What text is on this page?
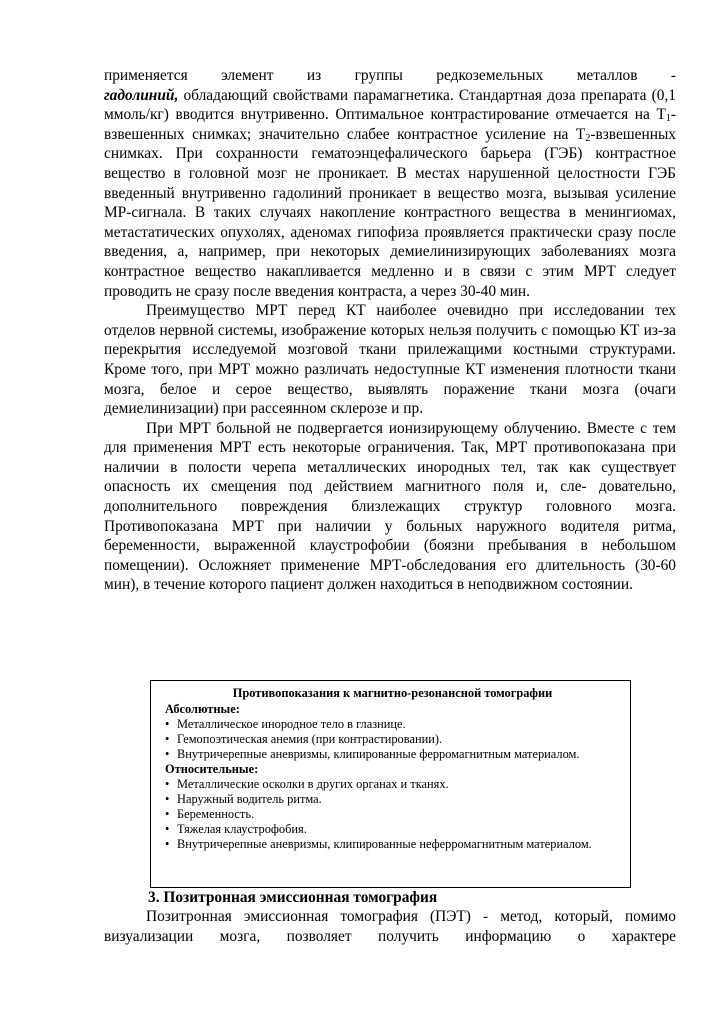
применяется элемент из группы редкоземельных металлов -

гадолиний, обладающий свойствами парамагнетика. Стандартная доза препарата (0,1 ммоль/кг) вводится внутривенно. Оптимальное контрастирование отмечается на $T_1$-взвешенных снимках; значительно слабее контрастное усиление на $T_2$-взвешенных снимках. При сохранности гематоэнцефалического барьера (ГЭБ) контрастное вещество в головной мозг не проникает. В местах нарушенной целостности ГЭБ введенный внутривенно гадолиний проникает в вещество мозга, вызывая усиление МР-сигнала. В таких случаях накопление контрастного вещества в менингиомах, метастатических опухолях, аденомах гипофиза проявляется практически сразу после введения, а, например, при некоторых демиелинизирующих заболеваниях мозга контрастное вещество накапливается медленно и в связи с этим МРТ следует проводить не сразу после введения контраста, а через 30-40 мин.

Преимущество МРТ перед КТ наиболее очевидно при исследовании тех отделов нервной системы, изображение которых нельзя получить с помощью КТ из-за перекрытия исследуемой мозговой ткани прилежащими костными структурами. Кроме того, при МРТ можно различать недоступные КТ изменения плотности ткани мозга, белое и серое вещество, выявлять поражение ткани мозга (очаги демиелинизации) при рассеянном склерозе и пр.

При МРТ больной не подвергается ионизирующему облучению. Вместе с тем для применения МРТ есть некоторые ограничения. Так, МРТ противопоказана при наличии в полости черепа металлических инородных тел, так как существует опасность их смещения под действием магнитного поля и, сле- довательно, дополнительного повреждения близлежащих структур головного мозга. Противопоказана МРТ при наличии у больных наружного водителя ритма, беременности, выраженной клаустрофобии (боязни пребывания в небольшом помещении). Осложняет применение МРТ-обследования его длительность (30-60 мин), в течение которого пациент должен находиться в неподвижном состоянии.

Противопоказания к магнитно-резонансной томографии
Абсолютные:
• Металлическое инородное тело в глазнице.
• Гемопоэтическая анемия (при контрастировании).
• Внутричерепные аневризмы, клипированные ферромагнитным материалом.
Относительные:
• Металлические осколки в других органах и тканях.
• Наружный водитель ритма.
• Беременность.
• Тяжелая клаустрофобия.
• Внутричерепные аневризмы, клипированные неферромагнитным материалом.
3. Позитронная эмиссионная томография

Позитронная эмиссионная томография (ПЭТ) - метод, который, помимо визуализации мозга, позволяет получить информацию о характере
